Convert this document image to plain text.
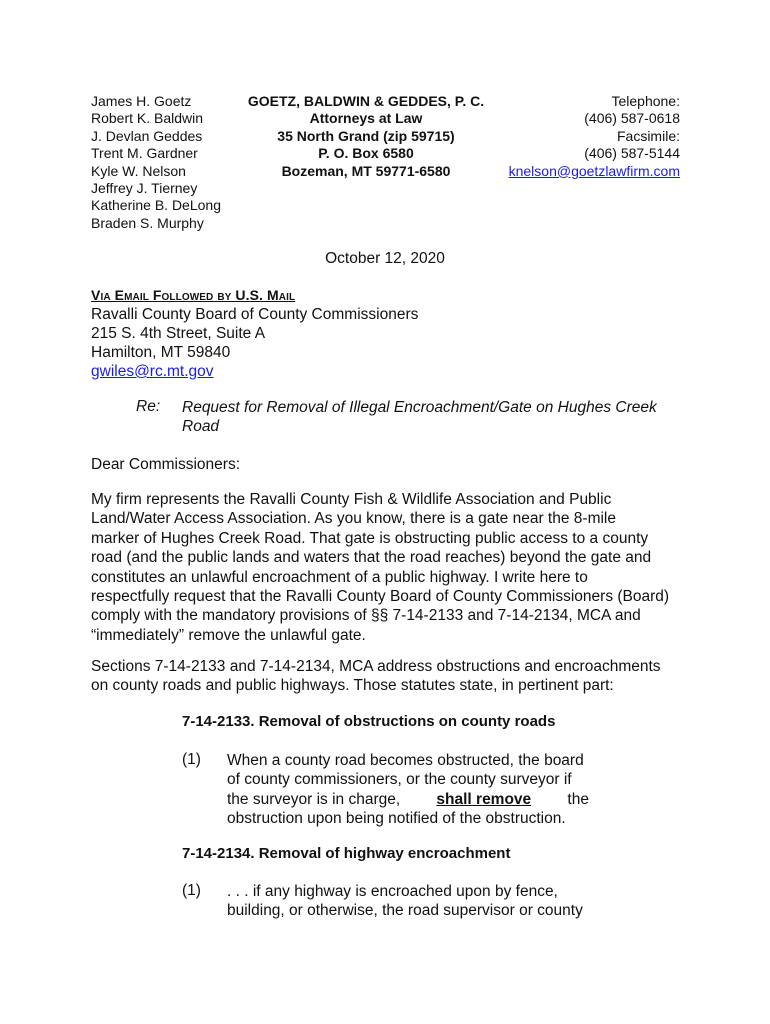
James H. Goetz
Robert K. Baldwin
J. Devlan Geddes
Trent M. Gardner
Kyle W. Nelson
Jeffrey J. Tierney
Katherine B. DeLong
Braden S. Murphy
GOETZ, BALDWIN & GEDDES, P. C.
Attorneys at Law
35 North Grand (zip 59715)
P. O. Box 6580
Bozeman, MT 59771-6580
Telephone:
(406) 587-0618
Facsimile:
(406) 587-5144
knelson@goetzlawfirm.com
October 12, 2020
Via Email Followed by U.S. Mail
Ravalli County Board of County Commissioners
215 S. 4th Street, Suite A
Hamilton, MT 59840
gwiles@rc.mt.gov
Re: Request for Removal of Illegal Encroachment/Gate on Hughes Creek
Road
Dear Commissioners:
My firm represents the Ravalli County Fish & Wildlife Association and Public
Land/Water Access Association. As you know, there is a gate near the 8-mile
marker of Hughes Creek Road. That gate is obstructing public access to a county
road (and the public lands and waters that the road reaches) beyond the gate and
constitutes an unlawful encroachment of a public highway. I write here to
respectfully request that the Ravalli County Board of County Commissioners (Board)
comply with the mandatory provisions of §§ 7-14-2133 and 7-14-2134, MCA and
“immediately” remove the unlawful gate.
Sections 7-14-2133 and 7-14-2134, MCA address obstructions and encroachments
on county roads and public highways. Those statutes state, in pertinent part:
7-14-2133. Removal of obstructions on county roads
(1) When a county road becomes obstructed, the board
of county commissioners, or the county surveyor if
the surveyor is in charge, shall remove the
obstruction upon being notified of the obstruction.
7-14-2134. Removal of highway encroachment
(1) . . . if any highway is encroached upon by fence,
building, or otherwise, the road supervisor or county
